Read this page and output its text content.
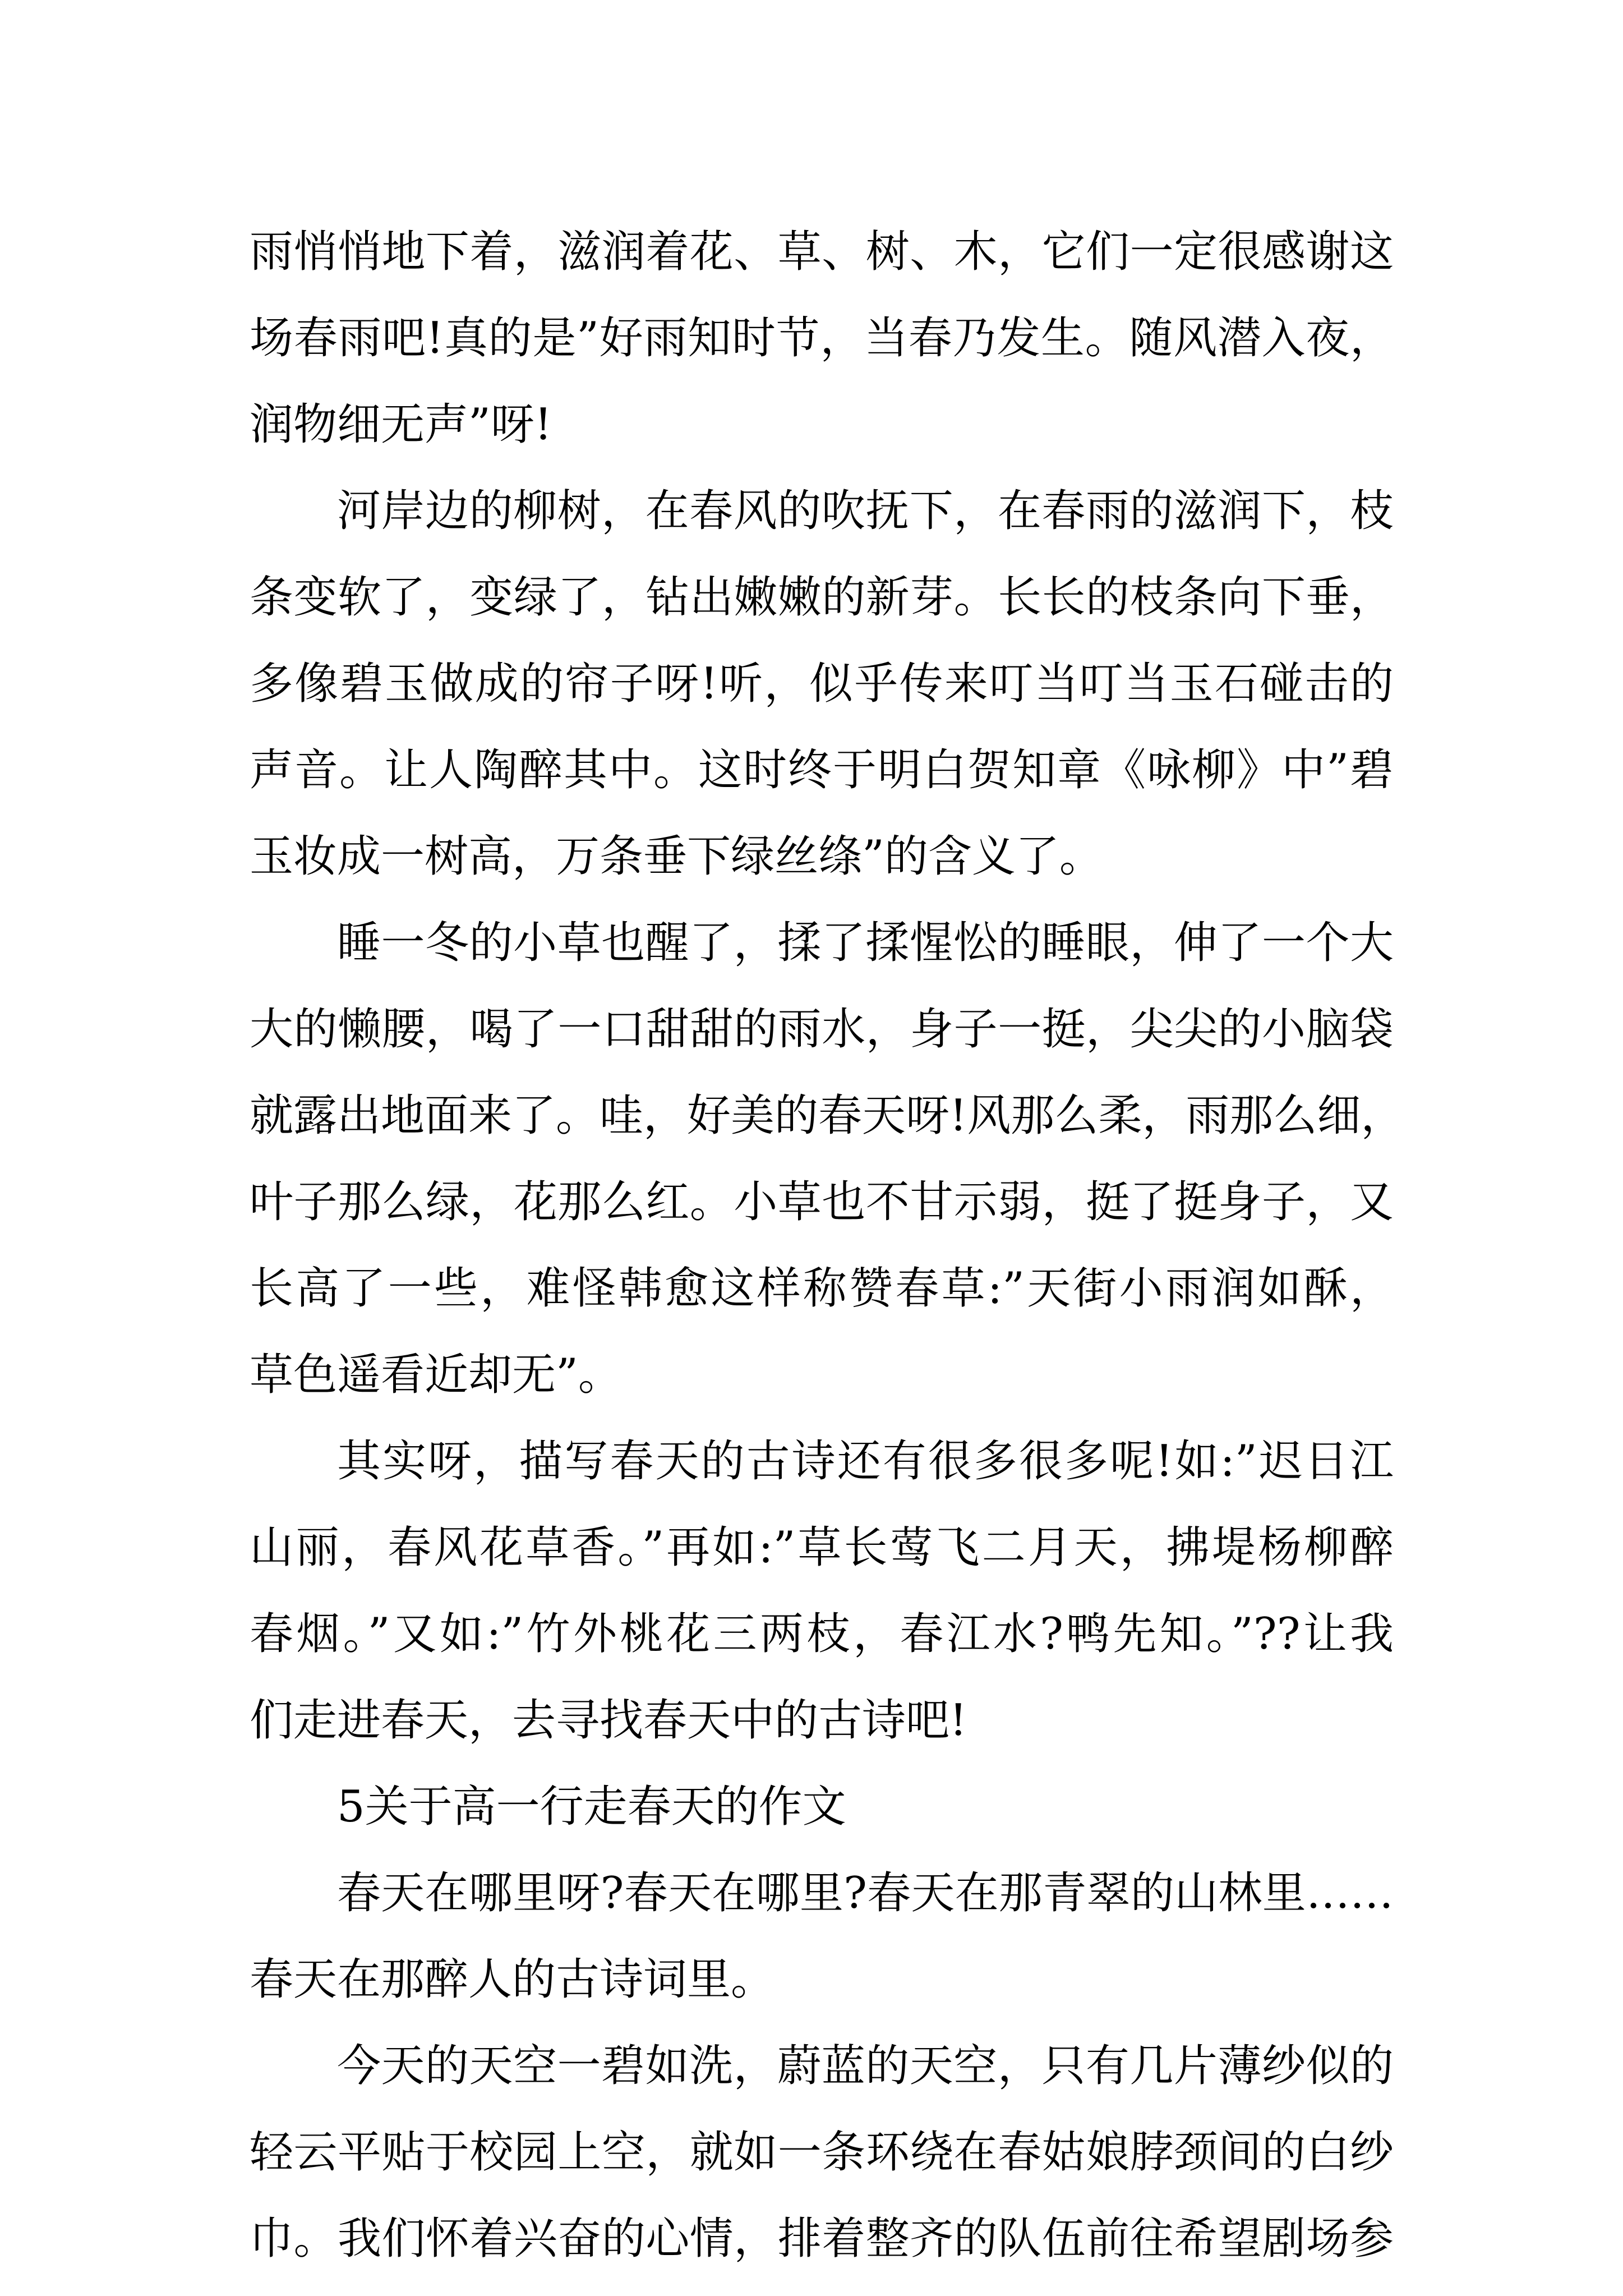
雨悄悄地下着，滋润着花、草、树、木，它们一定很感谢这
场春雨吧!真的是”好雨知时节，当春乃发生。随风潜入夜，
润物细无声”呀!
河岸边的柳树，在春风的吹抚下，在春雨的滋润下，枝
条变软了，变绿了，钻出嫩嫩的新芽。长长的枝条向下垂，
多像碧玉做成的帘子呀!听，似乎传来叮当叮当玉石碰击的
声音。让人陶醉其中。这时终于明白贺知章《咏柳》中”碧
玉妆成一树高，万条垂下绿丝绦”的含义了。
睡一冬的小草也醒了，揉了揉惺忪的睡眼，伸了一个大
大的懒腰，喝了一口甜甜的雨水，身子一挺，尖尖的小脑袋
就露出地面来了。哇，好美的春天呀!风那么柔，雨那么细，
叶子那么绿，花那么红。小草也不甘示弱，挺了挺身子，又
长高了一些，难怪韩愈这样称赞春草:”天街小雨润如酥，
草色遥看近却无”。
其实呀，描写春天的古诗还有很多很多呢!如:”迟日江
山丽，春风花草香。”再如:”草长莺飞二月天，拂堤杨柳醉
春烟。”又如:”竹外桃花三两枝，春江水?鸭先知。”??让我
们走进春天，去寻找春天中的古诗吧!
5关于高一行走春天的作文
春天在哪里呀?春天在哪里?春天在那青翠的山林里……
春天在那醉人的古诗词里。
今天的天空一碧如洗，蔚蓝的天空，只有几片薄纱似的
轻云平贴于校园上空，就如一条环绕在春姑娘脖颈间的白纱
巾。我们怀着兴奋的心情，排着整齐的队伍前往希望剧场参
